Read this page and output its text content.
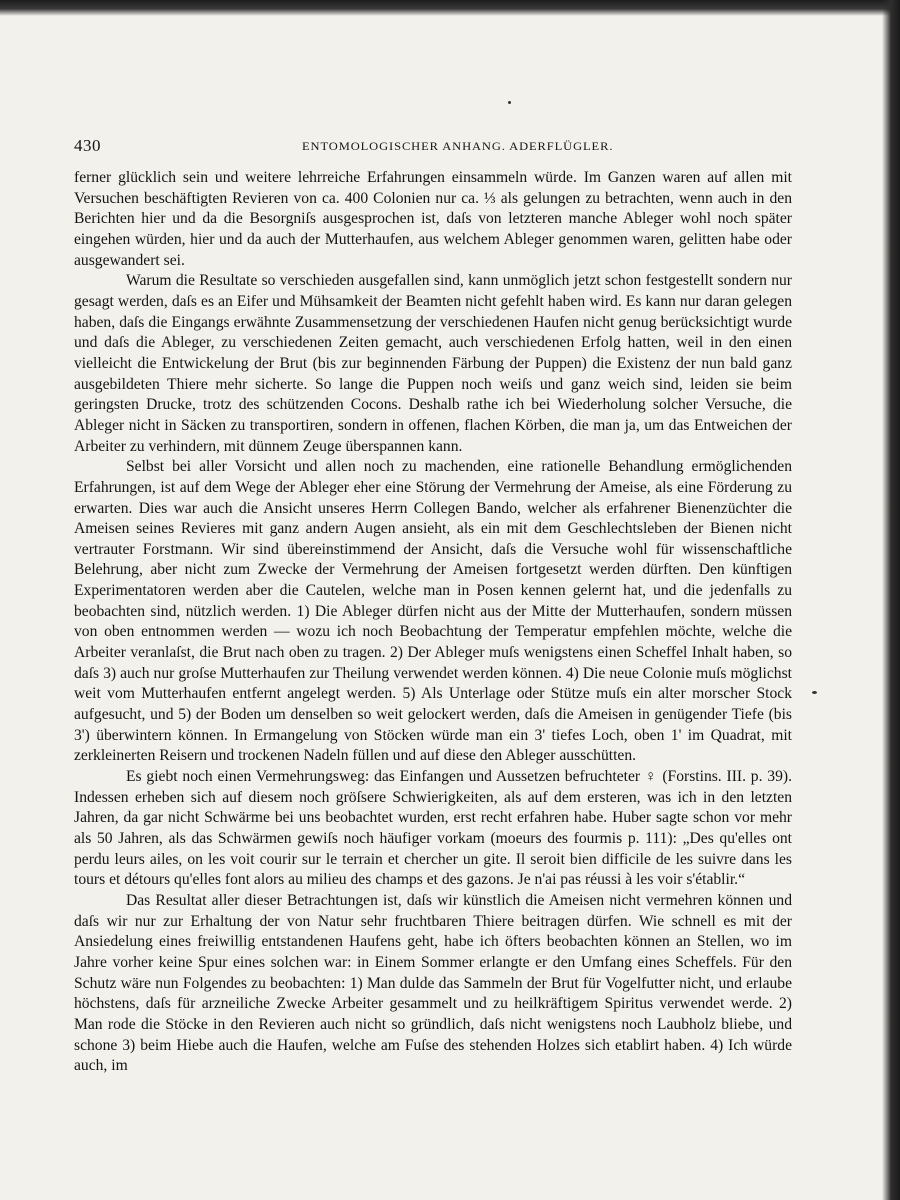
430	ENTOMOLOGISCHER ANHANG. ADERFLÜGLER.

ferner glücklich sein und weitere lehrreiche Erfahrungen einsammeln würde. Im Ganzen waren auf allen mit Versuchen beschäftigten Revieren von ca. 400 Colonien nur ca. ⅓ als gelungen zu betrachten, wenn auch in den Berichten hier und da die Besorgniſs ausgesprochen ist, daſs von letzteren manche Ableger wohl noch später eingehen würden, hier und da auch der Mutterhaufen, aus welchem Ableger genommen waren, gelitten habe oder ausgewandert sei.

Warum die Resultate so verschieden ausgefallen sind, kann unmöglich jetzt schon festgestellt sondern nur gesagt werden, daſs es an Eifer und Mühsamkeit der Beamten nicht gefehlt haben wird. Es kann nur daran gelegen haben, daſs die Eingangs erwähnte Zusammensetzung der verschiedenen Haufen nicht genug berücksichtigt wurde und daſs die Ableger, zu verschiedenen Zeiten gemacht, auch verschiedenen Erfolg hatten, weil in den einen vielleicht die Entwickelung der Brut (bis zur beginnenden Färbung der Puppen) die Existenz der nun bald ganz ausgebildeten Thiere mehr sicherte. So lange die Puppen noch weiſs und ganz weich sind, leiden sie beim geringsten Drucke, trotz des schützenden Cocons. Deshalb rathe ich bei Wiederholung solcher Versuche, die Ableger nicht in Säcken zu transportiren, sondern in offenen, flachen Körben, die man ja, um das Entweichen der Arbeiter zu verhindern, mit dünnem Zeuge überspannen kann.

Selbst bei aller Vorsicht und allen noch zu machenden, eine rationelle Behandlung ermöglichenden Erfahrungen, ist auf dem Wege der Ableger eher eine Störung der Vermehrung der Ameise, als eine Förderung zu erwarten. Dies war auch die Ansicht unseres Herrn Collegen Bando, welcher als erfahrener Bienenzüchter die Ameisen seines Revieres mit ganz andern Augen ansieht, als ein mit dem Geschlechtsleben der Bienen nicht vertrauter Forstmann. Wir sind übereinstimmend der Ansicht, daſs die Versuche wohl für wissenschaftliche Belehrung, aber nicht zum Zwecke der Vermehrung der Ameisen fortgesetzt werden dürften. Den künftigen Experimentatoren werden aber die Cautelen, welche man in Posen kennen gelernt hat, und die jedenfalls zu beobachten sind, nützlich werden. 1) Die Ableger dürfen nicht aus der Mitte der Mutterhaufen, sondern müssen von oben entnommen werden — wozu ich noch Beobachtung der Temperatur empfehlen möchte, welche die Arbeiter veranlaſst, die Brut nach oben zu tragen. 2) Der Ableger muſs wenigstens einen Scheffel Inhalt haben, so daſs 3) auch nur groſse Mutterhaufen zur Theilung verwendet werden können. 4) Die neue Colonie muſs möglichst weit vom Mutterhaufen entfernt angelegt werden. 5) Als Unterlage oder Stütze muſs ein alter morscher Stock aufgesucht, und 5) der Boden um denselben so weit gelockert werden, daſs die Ameisen in genügender Tiefe (bis 3') überwintern können. In Ermangelung von Stöcken würde man ein 3' tiefes Loch, oben 1' im Quadrat, mit zerkleinerten Reisern und trockenen Nadeln füllen und auf diese den Ableger ausschütten.

Es giebt noch einen Vermehrungsweg: das Einfangen und Aussetzen befruchteter ♀ (Forstins. III. p. 39). Indessen erheben sich auf diesem noch gröſsere Schwierigkeiten, als auf dem ersteren, was ich in den letzten Jahren, da gar nicht Schwärme bei uns beobachtet wurden, erst recht erfahren habe. Huber sagte schon vor mehr als 50 Jahren, als das Schwärmen gewiſs noch häufiger vorkam (moeurs des fourmis p. 111): „Des qu'elles ont perdu leurs ailes, on les voit courir sur le terrain et chercher un gite. Il seroit bien difficile de les suivre dans les tours et détours qu'elles font alors au milieu des champs et des gazons. Je n'ai pas réussi à les voir s'établir.“

Das Resultat aller dieser Betrachtungen ist, daſs wir künstlich die Ameisen nicht vermehren können und daſs wir nur zur Erhaltung der von Natur sehr fruchtbaren Thiere beitragen dürfen. Wie schnell es mit der Ansiedelung eines freiwillig entstandenen Haufens geht, habe ich öfters beobachten können an Stellen, wo im Jahre vorher keine Spur eines solchen war: in Einem Sommer erlangte er den Umfang eines Scheffels. Für den Schutz wäre nun Folgendes zu beobachten: 1) Man dulde das Sammeln der Brut für Vogelfutter nicht, und erlaube höchstens, daſs für arzneiliche Zwecke Arbeiter gesammelt und zu heilkräftigem Spiritus verwendet werde. 2) Man rode die Stöcke in den Revieren auch nicht so gründlich, daſs nicht wenigstens noch Laubholz bliebe, und schone 3) beim Hiebe auch die Haufen, welche am Fuſse des stehenden Holzes sich etablirt haben. 4) Ich würde auch, im
